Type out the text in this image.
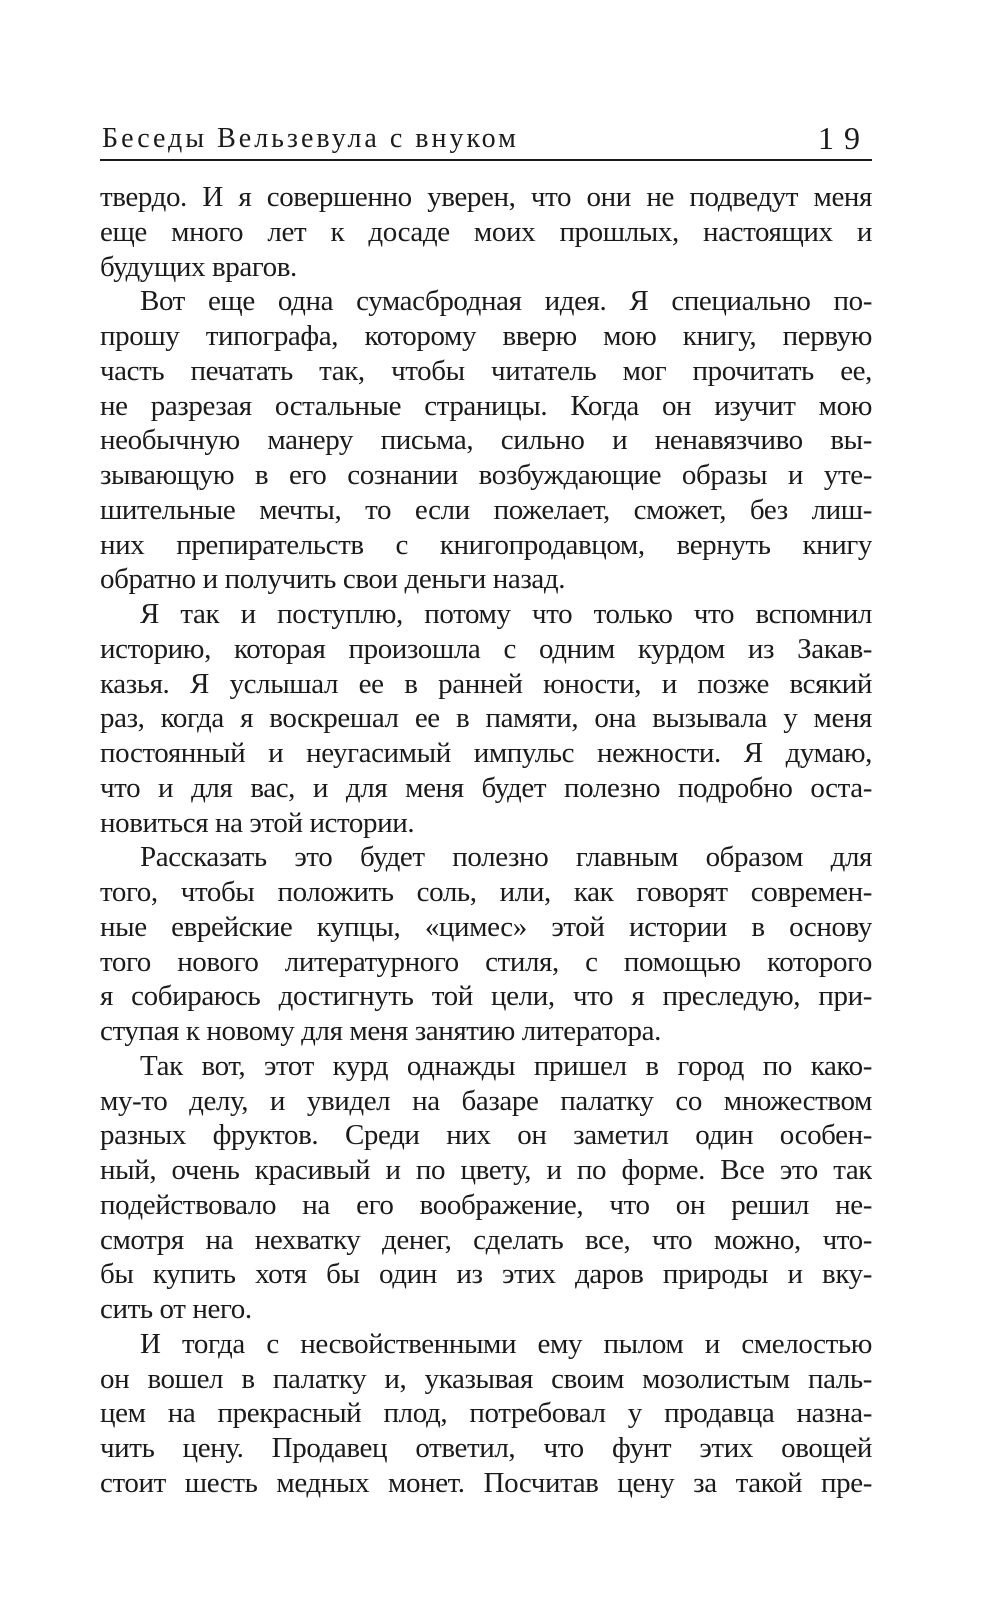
Беседы Вельзевула с внуком	19
твердо. И я совершенно уверен, что они не подведут меня
еще много лет к досаде моих прошлых, настоящих и
будущих врагов.
Вот еще одна сумасбродная идея. Я специально по-
прошу типографа, которому вверю мою книгу, первую
часть печатать так, чтобы читатель мог прочитать ее,
не разрезая остальные страницы. Когда он изучит мою
необычную манеру письма, сильно и ненавязчиво вы-
зывающую в его сознании возбуждающие образы и уте-
шительные мечты, то если пожелает, сможет, без лиш-
них препирательств с книгопродавцом, вернуть книгу
обратно и получить свои деньги назад.
Я так и поступлю, потому что только что вспомнил
историю, которая произошла с одним курдом из Закав-
казья. Я услышал ее в ранней юности, и позже всякий
раз, когда я воскрешал ее в памяти, она вызывала у меня
постоянный и неугасимый импульс нежности. Я думаю,
что и для вас, и для меня будет полезно подробно оста-
новиться на этой истории.
Рассказать это будет полезно главным образом для
того, чтобы положить соль, или, как говорят современ-
ные еврейские купцы, «цимес» этой истории в основу
того нового литературного стиля, с помощью которого
я собираюсь достигнуть той цели, что я преследую, при-
ступая к новому для меня занятию литератора.
Так вот, этот курд однажды пришел в город по како-
му-то делу, и увидел на базаре палатку со множеством
разных фруктов. Среди них он заметил один особен-
ный, очень красивый и по цвету, и по форме. Все это так
подействовало на его воображение, что он решил не-
смотря на нехватку денег, сделать все, что можно, что-
бы купить хотя бы один из этих даров природы и вку-
сить от него.
И тогда с несвойственными ему пылом и смелостью
он вошел в палатку и, указывая своим мозолистым паль-
цем на прекрасный плод, потребовал у продавца назна-
чить цену. Продавец ответил, что фунт этих овощей
стоит шесть медных монет. Посчитав цену за такой пре-
